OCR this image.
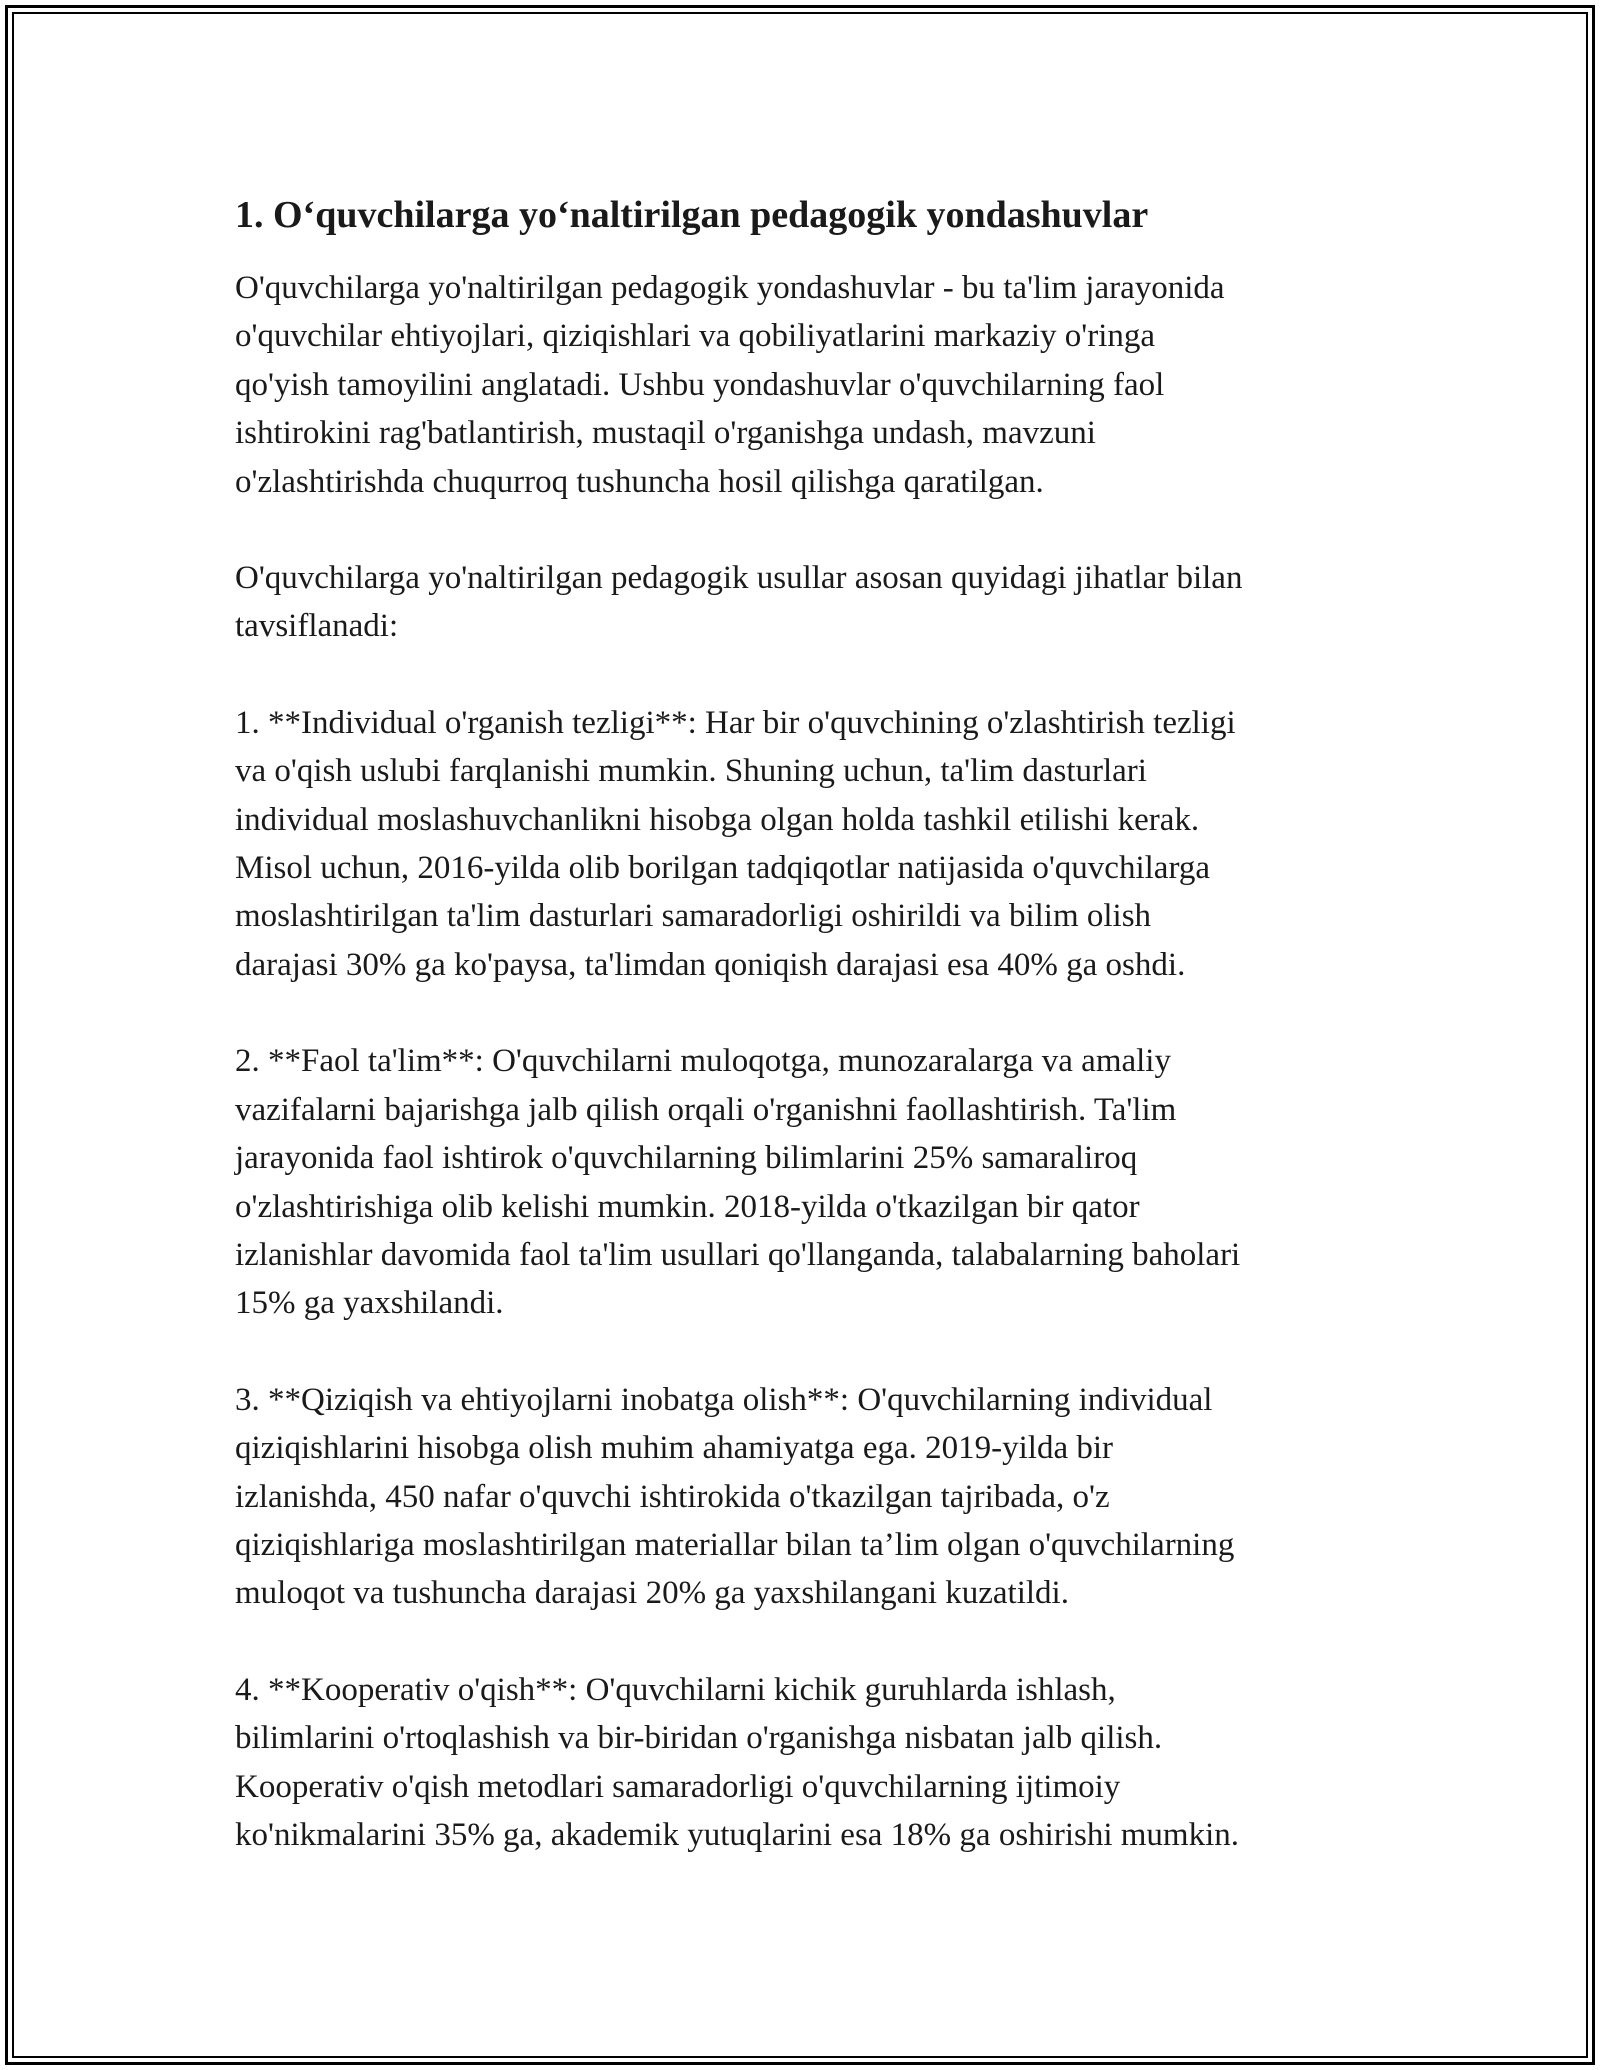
1. O‘quvchilarga yo‘naltirilgan pedagogik yondashuvlar

O'quvchilarga yo'naltirilgan pedagogik yondashuvlar - bu ta'lim jarayonida
o'quvchilar ehtiyojlari, qiziqishlari va qobiliyatlarini markaziy o'ringa
qo'yish tamoyilini anglatadi. Ushbu yondashuvlar o'quvchilarning faol
ishtirokini rag'batlantirish, mustaqil o'rganishga undash, mavzuni
o'zlashtirishda chuqurroq tushuncha hosil qilishga qaratilgan.

O'quvchilarga yo'naltirilgan pedagogik usullar asosan quyidagi jihatlar bilan
tavsiflanadi:

1. **Individual o'rganish tezligi**: Har bir o'quvchining o'zlashtirish tezligi
va o'qish uslubi farqlanishi mumkin. Shuning uchun, ta'lim dasturlari
individual moslashuvchanlikni hisobga olgan holda tashkil etilishi kerak.
Misol uchun, 2016-yilda olib borilgan tadqiqotlar natijasida o'quvchilarga
moslashtirilgan ta'lim dasturlari samaradorligi oshirildi va bilim olish
darajasi 30% ga ko'paysa, ta'limdan qoniqish darajasi esa 40% ga oshdi.

2. **Faol ta'lim**: O'quvchilarni muloqotga, munozaralarga va amaliy
vazifalarni bajarishga jalb qilish orqali o'rganishni faollashtirish. Ta'lim
jarayonida faol ishtirok o'quvchilarning bilimlarini 25% samaraliroq
o'zlashtirishiga olib kelishi mumkin. 2018-yilda o'tkazilgan bir qator
izlanishlar davomida faol ta'lim usullari qo'llanganda, talabalarning baholari
15% ga yaxshilandi.

3. **Qiziqish va ehtiyojlarni inobatga olish**: O'quvchilarning individual
qiziqishlarini hisobga olish muhim ahamiyatga ega. 2019-yilda bir
izlanishda, 450 nafar o'quvchi ishtirokida o'tkazilgan tajribada, o'z
qiziqishlariga moslashtirilgan materiallar bilan ta’lim olgan o'quvchilarning
muloqot va tushuncha darajasi 20% ga yaxshilangani kuzatildi.

4. **Kooperativ o'qish**: O'quvchilarni kichik guruhlarda ishlash,
bilimlarini o'rtoqlashish va bir-biridan o'rganishga nisbatan jalb qilish.
Kooperativ o'qish metodlari samaradorligi o'quvchilarning ijtimoiy
ko'nikmalarini 35% ga, akademik yutuqlarini esa 18% ga oshirishi mumkin.
